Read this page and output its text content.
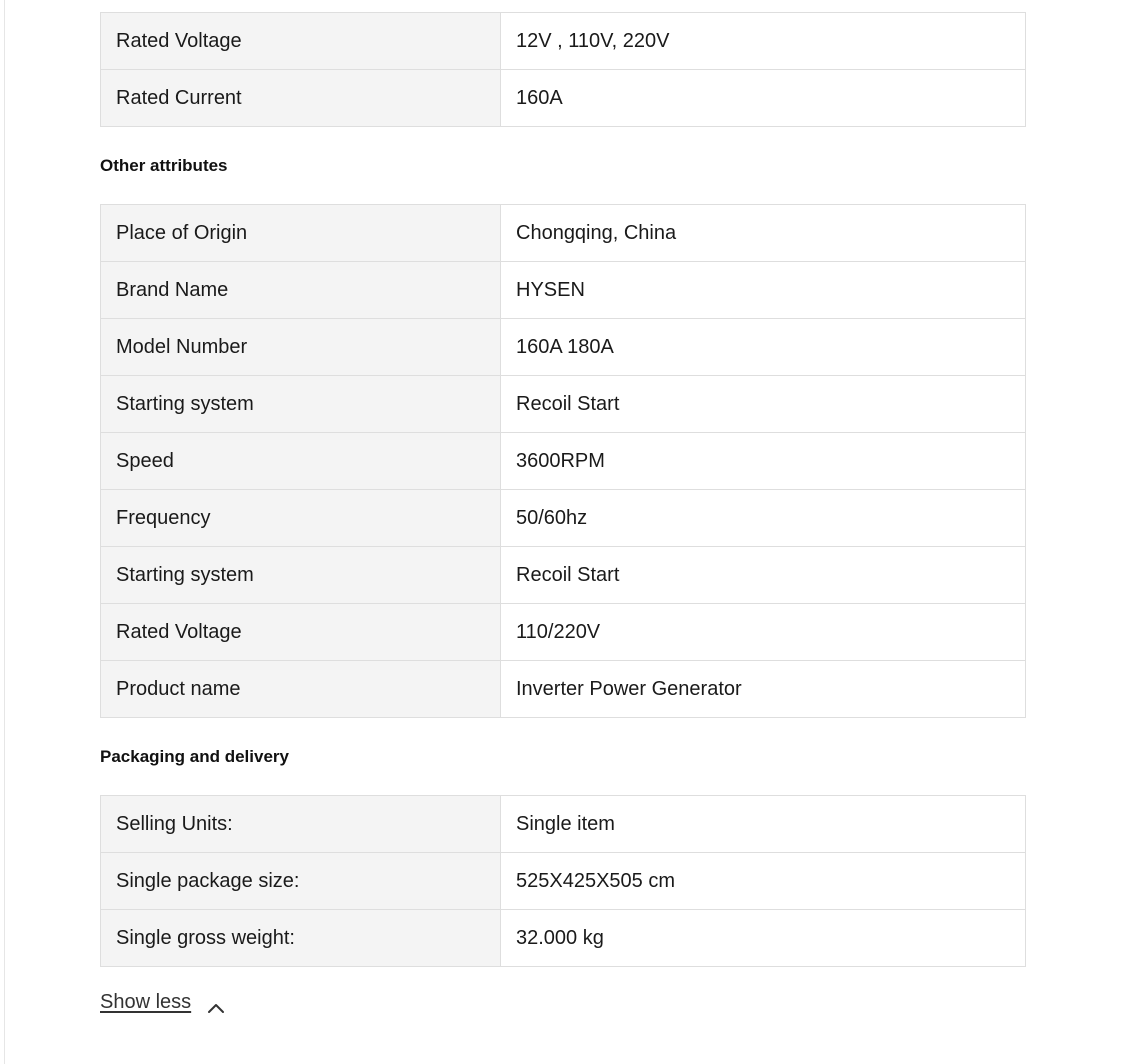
Rated Voltage	12V , 110V, 220V
Rated Current	160A
Other attributes
Place of Origin	Chongqing, China
Brand Name	HYSEN
Model Number	160A 180A
Starting system	Recoil Start
Speed	3600RPM
Frequency	50/60hz
Starting system	Recoil Start
Rated Voltage	110/220V
Product name	Inverter Power Generator
Packaging and delivery
Selling Units:	Single item
Single package size:	525X425X505 cm
Single gross weight:	32.000 kg
Show less
